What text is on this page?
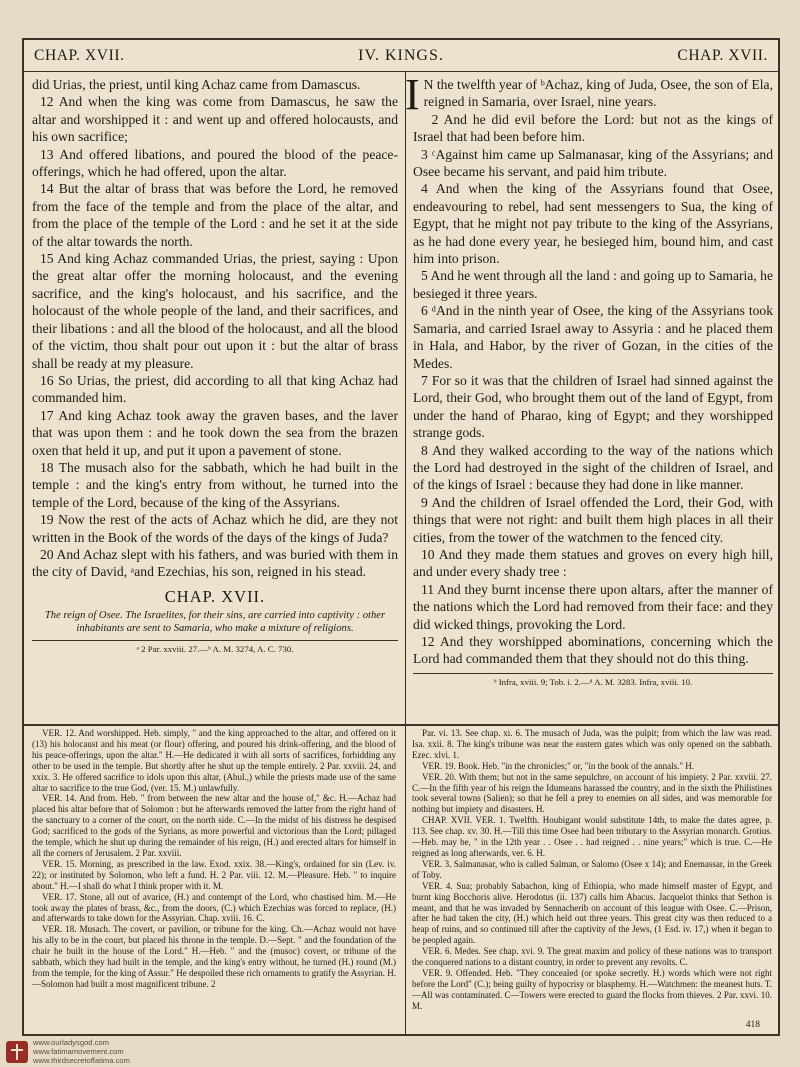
CHAP. XVII.	IV. KINGS.	CHAP. XVII.

did Urias, the priest, until king Achaz came from Damascus.

12 And when the king was come from Damascus, he saw the altar and worshipped it : and went up and offered holocausts, and his own sacrifice;

13 And offered libations, and poured the blood of the peace-offerings, which he had offered, upon the altar.

14 But the altar of brass that was before the Lord, he removed from the face of the temple and from the place of the altar, and from the place of the temple of the Lord : and he set it at the side of the altar towards the north.

15 And king Achaz commanded Urias, the priest, saying : Upon the great altar offer the morning holocaust, and the evening sacrifice, and the king's holocaust, and his sacrifice, and the holocaust of the whole people of the land, and their sacrifices, and their libations : and all the blood of the holocaust, and all the blood of the victim, thou shalt pour out upon it : but the altar of brass shall be ready at my pleasure.

16 So Urias, the priest, did according to all that king Achaz had commanded him.

17 And king Achaz took away the graven bases, and the laver that was upon them : and he took down the sea from the brazen oxen that held it up, and put it upon a pavement of stone.

18 The musach also for the sabbath, which he had built in the temple : and the king's entry from without, he turned into the temple of the Lord, because of the king of the Assyrians.

19 Now the rest of the acts of Achaz which he did, are they not written in the Book of the words of the days of the kings of Juda?

20 And Achaz slept with his fathers, and was buried with them in the city of David, ᵃand Ezechias, his son, reigned in his stead.

CHAP. XVII.

The reign of Osee. The Israelites, for their sins, are carried into captivity : other inhabitants are sent to Samaria, who make a mixture of religions.

ᵃ 2 Par. xxviii. 27.—ᵇ A. M. 3274, A. C. 730.

I N the twelfth year of ᵇAchaz, king of Juda, Osee, the son of Ela, reigned in Samaria, over Israel, nine years.

2 And he did evil before the Lord: but not as the kings of Israel that had been before him.

3 ᶜAgainst him came up Salmanasar, king of the Assyrians; and Osee became his servant, and paid him tribute.

4 And when the king of the Assyrians found that Osee, endeavouring to rebel, had sent messengers to Sua, the king of Egypt, that he might not pay tribute to the king of the Assyrians, as he had done every year, he besieged him, bound him, and cast him into prison.

5 And he went through all the land : and going up to Samaria, he besieged it three years.

6 ᵈAnd in the ninth year of Osee, the king of the Assyrians took Samaria, and carried Israel away to Assyria : and he placed them in Hala, and Habor, by the river of Gozan, in the cities of the Medes.

7 For so it was that the children of Israel had sinned against the Lord, their God, who brought them out of the land of Egypt, from under the hand of Pharao, king of Egypt; and they worshipped strange gods.

8 And they walked according to the way of the nations which the Lord had destroyed in the sight of the children of Israel, and of the kings of Israel : because they had done in like manner.

9 And the children of Israel offended the Lord, their God, with things that were not right: and built them high places in all their cities, from the tower of the watchmen to the fenced city.

10 And they made them statues and groves on every high hill, and under every shady tree :

11 And they burnt incense there upon altars, after the manner of the nations which the Lord had removed from their face: and they did wicked things, provoking the Lord.

12 And they worshipped abominations, concerning which the Lord had commanded them that they should not do this thing.

ᵇ Infra, xviii. 9; Tob. i. 2.—ᵈ A. M. 3283. Infra, xviii. 10.

VER. 12. And worshipped. Heb. simply, " and the king approached to the altar, and offered on it (13) his holocaust and his meat (or flour) offering, and poured his drink-offering, and the blood of his peace-offerings, upon the altar." H.—He dedicated it with all sorts of sacrifices, forbidding any other to be used in the temple. But shortly after he shut up the temple entirely. 2 Par. xxviii. 24, and xxix. 3. He offered sacrifice to idols upon this altar, (Abul.,) while the priests made use of the same altar to sacrifice to the true God, (ver. 15. M.) unlawfully.

VER. 14. And from. Heb. " from between the new altar and the house of," &c. H.—Achaz had placed his altar before that of Solomon : but he afterwards removed the latter from the right hand of the sanctuary to a corner of the court, on the north side. C.—In the midst of his distress he despised God; sacrificed to the gods of the Syrians, as more powerful and victorious than the Lord; pillaged the temple, which he shut up during the remainder of his reign, (H.) and erected altars for himself in all the corners of Jerusalem. 2 Par. xxviii.

VER. 15. Morning, as prescribed in the law. Exod. xxix. 38.—King's, ordained for sin (Lev. iv. 22); or instituted by Solomon, who left a fund. H. 2 Par. viii. 12. M.—Pleasure. Heb. " to inquire about." H.—I shall do what I think proper with it. M.

VER. 17. Stone, all out of avarice, (H.) and contempt of the Lord, who chastised him. M.—He took away the plates of brass, &c., from the doors, (C.) which Ezechias was forced to replace, (H.) and afterwards to take down for the Assyrian. Chap. xviii. 16. C.

VER. 18. Musach. The covert, or pavilion, or tribune for the king. Ch.—Achaz would not have his ally to be in the court, but placed his throne in the temple. D.—Sept. " and the foundation of the chair he built in the house of the Lord." H.—Heb. " and the (musoc) covert, or tribune of the sabbath, which they had built in the temple, and the king's entry without, he turned (H.) round (M.) from the temple, for the king of Assur." He despoiled these rich ornaments to gratify the Assyrian. H.—Solomon had built a most magnificent tribune. 2

Par. vi. 13. See chap. xi. 6. The musach of Juda, was the pulpit; from which the law was read. Isa. xxii. 8. The king's tribune was near the eastern gates which was only opened on the sabbath. Ezec. xlvi. 1.

VER. 19. Book. Heb. "in the chronicles;" or, "in the book of the annals." H.

VER. 20. With them; but not in the same sepulchre, on account of his impiety. 2 Par. xxviii. 27. C.—In the fifth year of his reign the Idumeans harassed the country, and in the sixth the Philistines took several towns (Salien); so that he fell a prey to enemies on all sides, and was memorable for nothing but impiety and disasters. H.

CHAP. XVII. VER. 1. Twelfth. Houbigant would substitute 14th, to make the dates agree, p. 113. See chap. xv. 30. H.—Till this time Osee had been tributary to the Assyrian monarch. Grotius.—Heb. may be, " in the 12th year . . Osee . . had reigned . . nine years;" which is true. C.—He reigned as long afterwards, ver. 6. H.

VER. 3. Salmanasar, who is called Salman, or Salomo (Osee x 14); and Enemassar, in the Greek of Toby.

VER. 4. Sua; probably Sabachon, king of Ethiopia, who made himself master of Egypt, and burnt king Bocchoris alive. Herodotus (ii. 137) calls him Abacus. Jacquelot thinks that Sethon is meant, and that he was invaded by Sennacherib on account of this league with Osee. C.—Prison, after he had taken the city, (H.) which held out three years. This great city was then reduced to a heap of ruins, and so continued till after the captivity of the Jews, (1 Esd. iv. 17,) when it began to be peopled again.

VER. 6. Medes. See chap. xvi. 9. The great maxim and policy of these nations was to transport the conquered nations to a distant country, in order to prevent any revolts. C.

VER. 9. Offended. Heb. "They concealed (or spoke secretly. H.) words which were not right before the Lord" (C.); being guilty of hypocrisy or blasphemy. H.—Watchmen: the meanest huts. T.—All was contaminated. C—Towers were erected to guard the flocks from thieves. 2 Par. xxvi. 10. M.

418
www.ourladysgod.com
www.fatimamovement.com
www.thirdsecretoffatima.com
